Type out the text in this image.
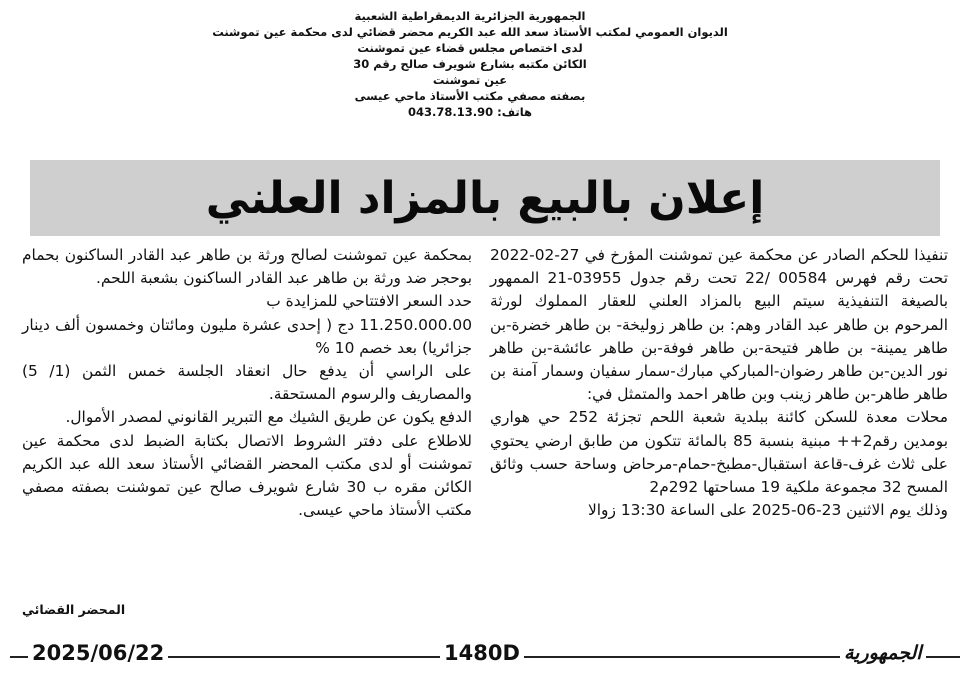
الجمهورية الجزائرية الديمقراطية الشعبية
الديوان العمومي لمكتب الأستاذ سعد الله عبد الكريم محضر قضائي لدى محكمة عين تموشنت
لدى اختصاص مجلس قضاء عين تموشنت
الكائن مكتبه بشارع شويرف صالح رقم 30
عين تموشنت
بصفته مصفي مكتب الأستاذ ماحي عيسى
هاتف: 043.78.13.90
إعلان بالبيع بالمزاد العلني

تنفيذا للحكم الصادر عن محكمة عين تموشنت المؤرخ في 27-02-2022 تحت رقم فهرس 00584 /22 تحت رقم جدول 03955-21 الممهور بالصيغة التنفيذية سيتم البيع بالمزاد العلني للعقار المملوك لورثة المرحوم بن طاهر عبد القادر وهم: بن طاهر زوليخة- بن طاهر خضرة-بن طاهر يمينة- بن طاهر فتيحة-بن طاهر فوفة-بن طاهر عائشة-بن طاهر نور الدين-بن طاهر رضوان-المباركي مبارك-سمار سفيان وسمار آمنة بن طاهر طاهر-بن طاهر زينب وبن طاهر احمد والمتمثل في:

محلات معدة للسكن كائنة ببلدية شعبة اللحم تجزئة 252 حي هواري بومدين رقم2++ مبنية بنسبة 85 بالمائة تتكون من طابق ارضي يحتوي على ثلاث غرف-قاعة استقبال-مطبخ-حمام-مرحاض وساحة حسب وثائق المسح 32 مجموعة ملكية 19 مساحتها 292م2

وذلك يوم الاثنين 23-06-2025 على الساعة 13:30 زوالا

بمحكمة عين تموشنت لصالح ورثة بن طاهر عبد القادر الساكنون بحمام بوحجر ضد ورثة بن طاهر عبد القادر الساكنون بشعبة اللحم.

حدد السعر الافتتاحي للمزايدة ب

11.250.000.00 دج ( إحدى عشرة مليون ومائتان وخمسون ألف دينار جزائريا) بعد خصم 10 %

على الراسي أن يدفع حال انعقاد الجلسة خمس الثمن (1/ 5) والمصاريف والرسوم المستحقة.

الدفع يكون عن طريق الشيك مع التبرير القانوني لمصدر الأموال.

للاطلاع على دفتر الشروط الاتصال بكتابة الضبط لدى محكمة عين تموشنت أو لدى مكتب المحضر القضائي الأستاذ سعد الله عبد الكريم الكائن مقره ب 30 شارع شويرف صالح عين تموشنت بصفته مصفي مكتب الأستاذ ماحي عيسى.

المحضر القضائي
2025/06/22	1480D	الجمهورية
